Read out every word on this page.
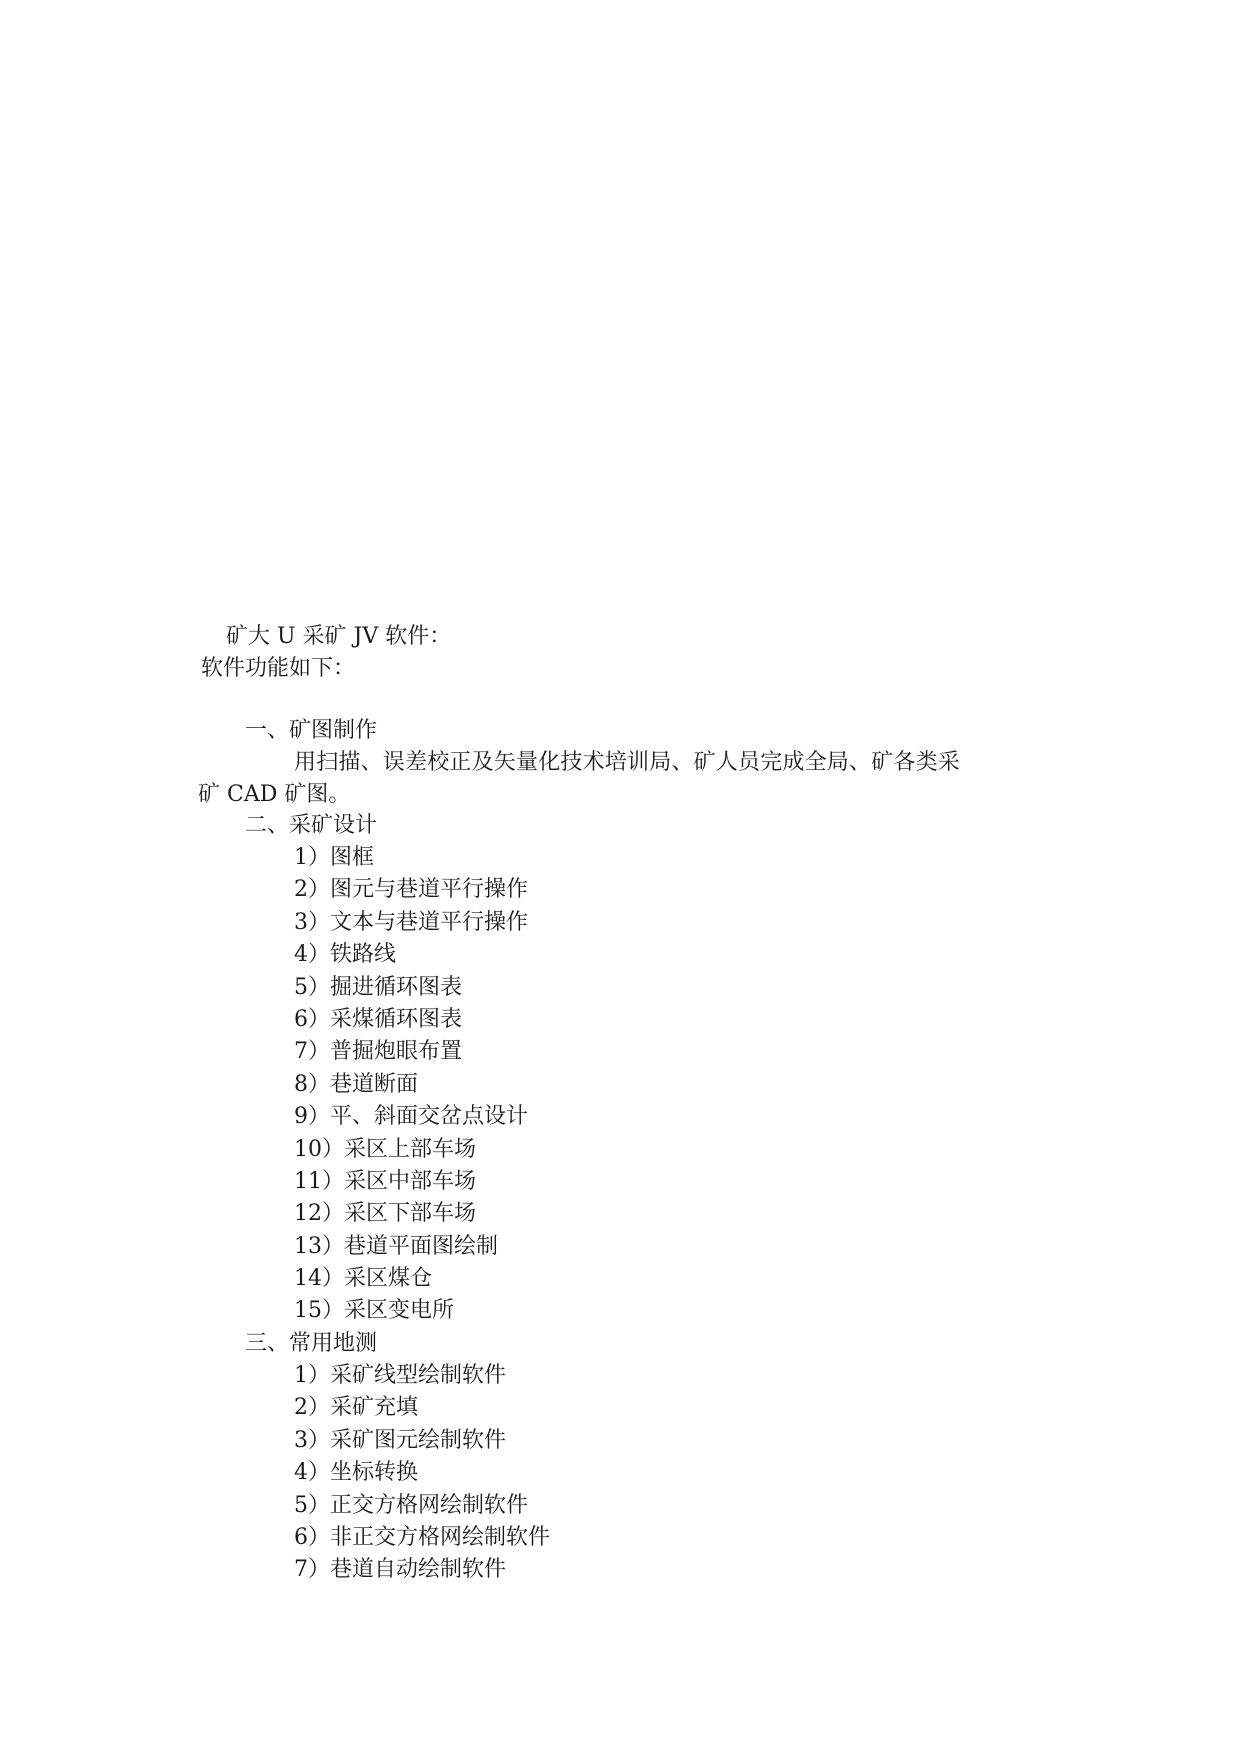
矿大 U 采矿 JV 软件：
软件功能如下：
一、矿图制作
用扫描、误差校正及矢量化技术培训局、矿人员完成全局、矿各类采
矿 CAD 矿图。
二、采矿设计
1）图框
2）图元与巷道平行操作
3）文本与巷道平行操作
4）铁路线
5）掘进循环图表
6）采煤循环图表
7）普掘炮眼布置
8）巷道断面
9）平、斜面交岔点设计
10）采区上部车场
11）采区中部车场
12）采区下部车场
13）巷道平面图绘制
14）采区煤仓
15）采区变电所
三、常用地测
1）采矿线型绘制软件
2）采矿充填
3）采矿图元绘制软件
4）坐标转换
5）正交方格网绘制软件
6）非正交方格网绘制软件
7）巷道自动绘制软件
